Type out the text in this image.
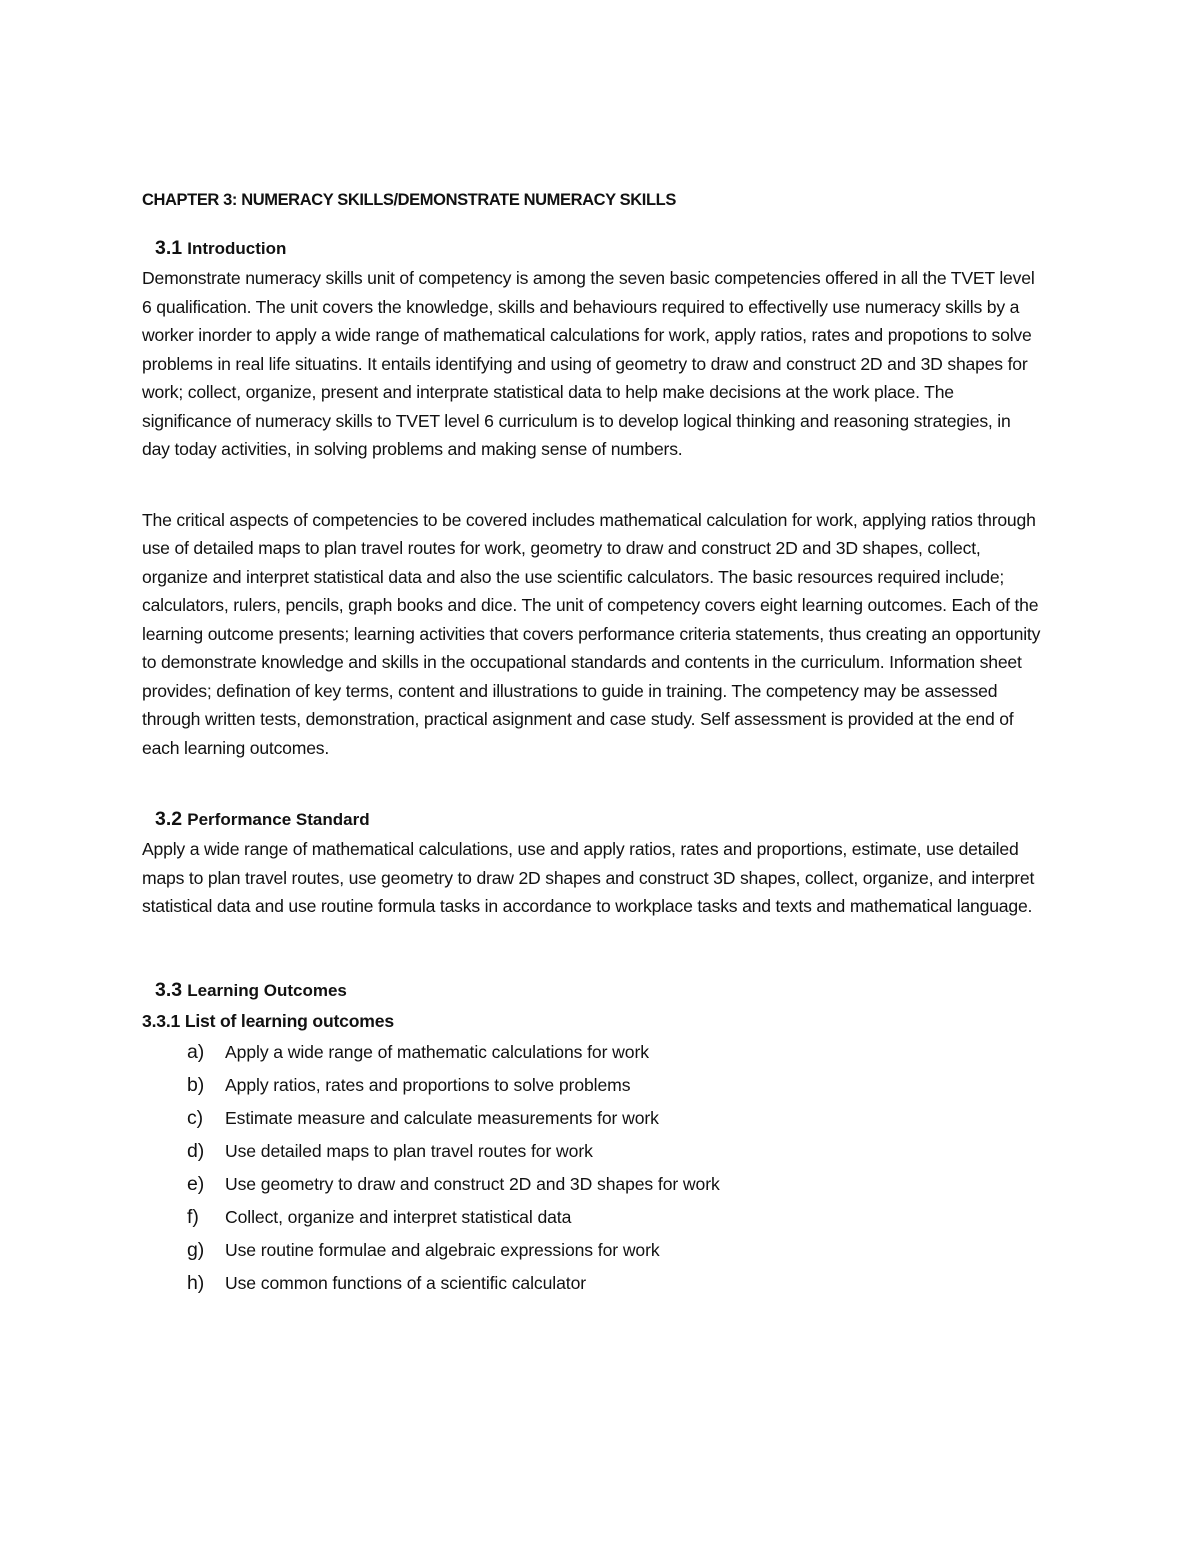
CHAPTER 3: NUMERACY SKILLS/DEMONSTRATE NUMERACY SKILLS

3.1 Introduction

Demonstrate numeracy skills unit of competency is among the seven basic competencies offered in all the TVET level 6 qualification. The unit covers the knowledge, skills and behaviours required to effectivelly use numeracy skills by a worker inorder to apply a wide range of mathematical calculations for work, apply ratios, rates and propotions to solve problems in real life situatins. It entails identifying and using of geometry to draw and construct 2D and 3D shapes for work; collect, organize, present and interprate statistical data to help make decisions at the work place. The significance of numeracy skills to TVET level 6 curriculum is to develop logical thinking and reasoning strategies, in day today activities, in solving problems and making sense of numbers.

The critical aspects of competencies to be covered includes mathematical calculation for work, applying ratios through use of detailed maps to plan travel routes for work, geometry to draw and construct 2D and 3D shapes, collect, organize and interpret statistical data and also the use scientific calculators. The basic resources required include; calculators, rulers, pencils, graph books and dice. The unit of competency covers eight learning outcomes. Each of the learning outcome presents; learning activities that covers performance criteria statements, thus creating an opportunity to demonstrate knowledge and skills in the occupational standards and contents in the curriculum. Information sheet provides; defination of key terms, content and illustrations to guide in training. The competency may be assessed through written tests, demonstration, practical asignment and case study. Self assessment is provided at the end of each learning outcomes.

3.2 Performance Standard

Apply a wide range of mathematical calculations, use and apply ratios, rates and proportions, estimate, use detailed maps to plan travel routes, use geometry to draw 2D shapes and construct 3D shapes, collect, organize, and interpret statistical data and use routine formula tasks in accordance to workplace tasks and texts and mathematical language.

3.3 Learning Outcomes
3.3.1 List of learning outcomes
a)	Apply a wide range of mathematic calculations for work
b)	Apply ratios, rates and proportions to solve problems
c)	Estimate measure and calculate measurements for work
d)	Use detailed maps to plan travel routes for work
e)	Use geometry to draw and construct 2D and 3D shapes for work
f)	Collect, organize and interpret statistical data
g)	Use routine formulae and algebraic expressions for work
h)	Use common functions of a scientific calculator
